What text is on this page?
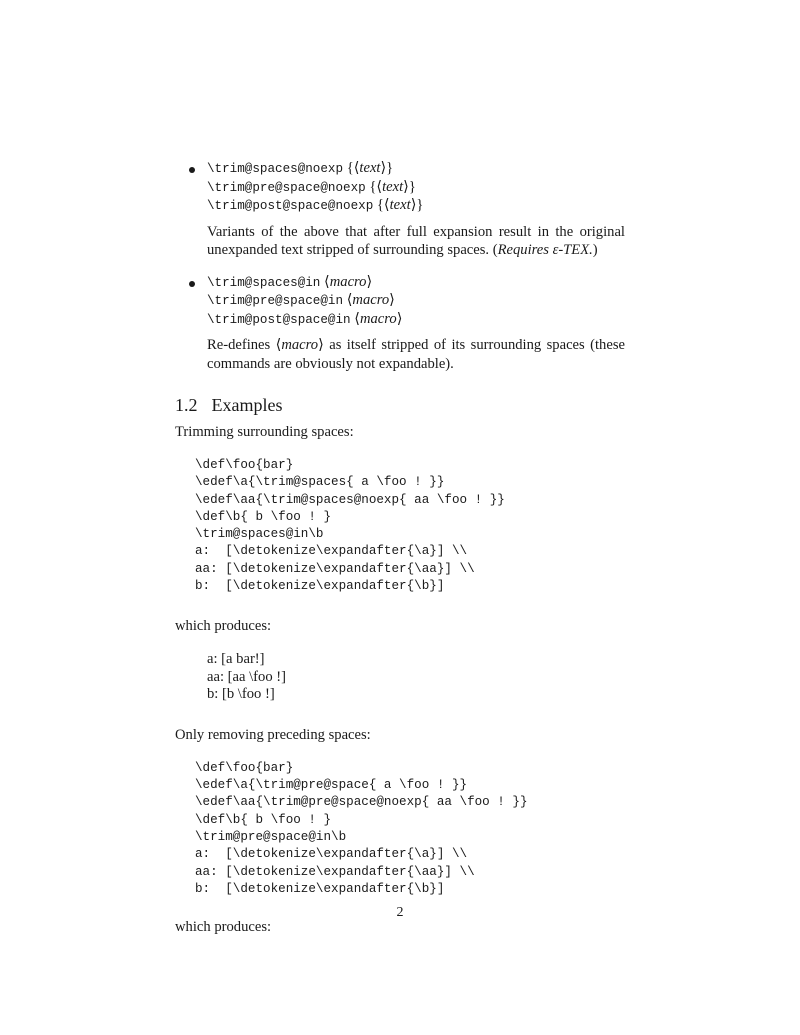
\trim@spaces@noexp {⟨text⟩}
\trim@pre@space@noexp {⟨text⟩}
\trim@post@space@noexp {⟨text⟩}
Variants of the above that after full expansion result in the original unexpanded text stripped of surrounding spaces. (Requires ε-TEX.)
\trim@spaces@in ⟨macro⟩
\trim@pre@space@in ⟨macro⟩
\trim@post@space@in ⟨macro⟩
Re-defines ⟨macro⟩ as itself stripped of its surrounding spaces (these commands are obviously not expandable).
1.2 Examples
Trimming surrounding spaces:
\def\foo{bar}
\edef\a{\trim@spaces{ a \foo ! }}
\edef\aa{\trim@spaces@noexp{ aa \foo ! }}
\def\b{ b \foo ! }
\trim@spaces@in\b
a:  [\detokenize\expandafter{\a}] \\
aa: [\detokenize\expandafter{\aa}] \\
b:  [\detokenize\expandafter{\b}]
which produces:
a: [a bar!]
aa: [aa \foo !]
b: [b \foo !]
Only removing preceding spaces:
\def\foo{bar}
\edef\a{\trim@pre@space{ a \foo ! }}
\edef\aa{\trim@pre@space@noexp{ aa \foo ! }}
\def\b{ b \foo ! }
\trim@pre@space@in\b
a:  [\detokenize\expandafter{\a}] \\
aa: [\detokenize\expandafter{\aa}] \\
b:  [\detokenize\expandafter{\b}]
which produces:
2
